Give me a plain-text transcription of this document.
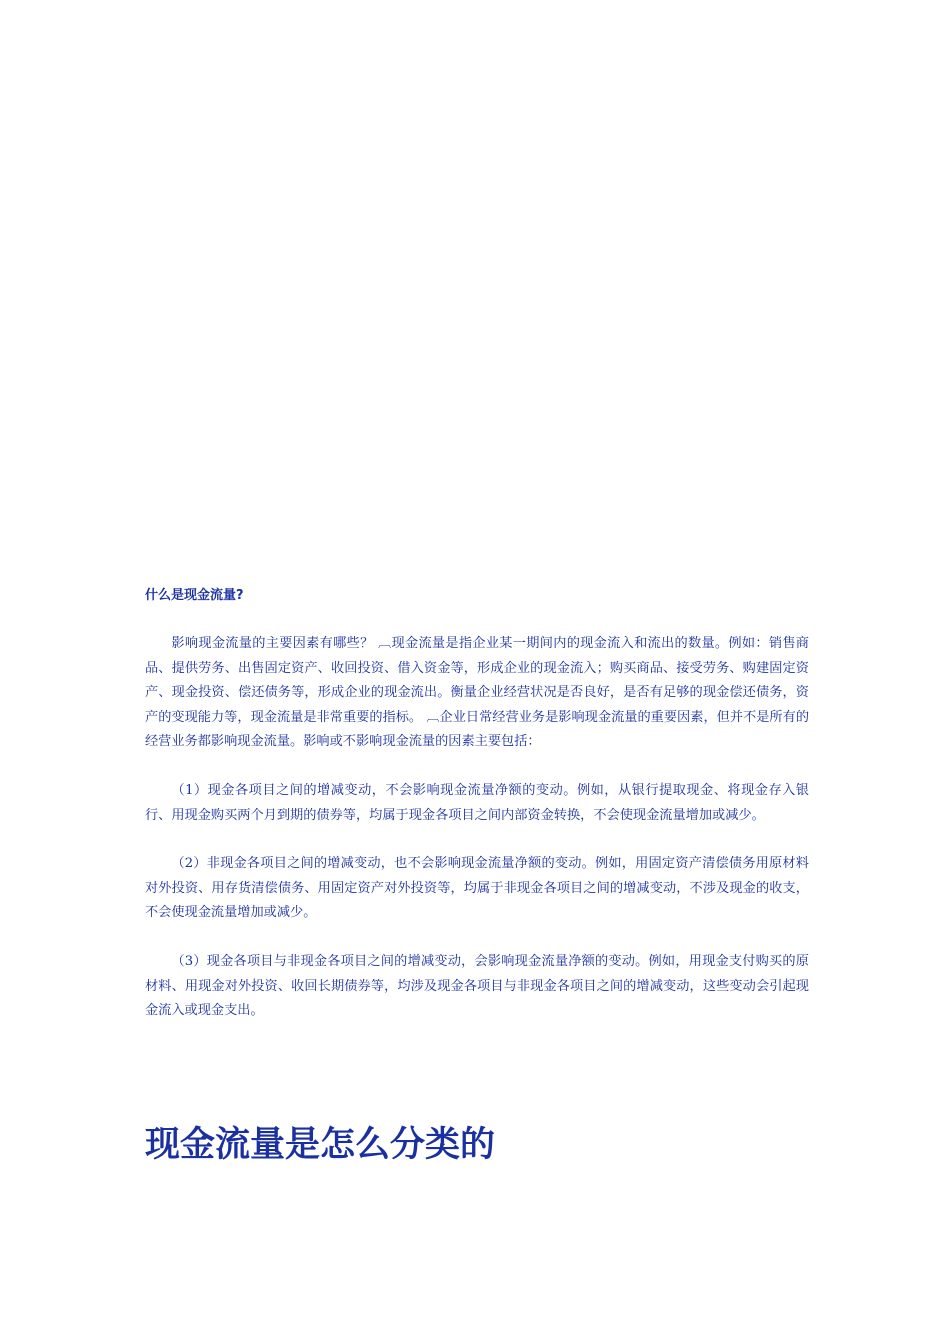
什么是现金流量?

影响现金流量的主要因素有哪些？ ︹现金流量是指企业某一期间内的现金流入和流出的数量。例如：销售商品、提供劳务、出售固定资产、收回投资、借入资金等，形成企业的现金流入；购买商品、接受劳务、购建固定资产、现金投资、偿还债务等，形成企业的现金流出。衡量企业经营状况是否良好，是否有足够的现金偿还债务，资产的变现能力等，现金流量是非常重要的指标。 ︹企业日常经营业务是影响现金流量的重要因素，但并不是所有的经营业务都影响现金流量。影响或不影响现金流量的因素主要包括：

（1）现金各项目之间的增减变动，不会影响现金流量净额的变动。例如，从银行提取现金、将现金存入银行、用现金购买两个月到期的债券等，均属于现金各项目之间内部资金转换，不会使现金流量增加或减少。

（2）非现金各项目之间的增减变动，也不会影响现金流量净额的变动。例如，用固定资产清偿债务用原材料对外投资、用存货清偿债务、用固定资产对外投资等，均属于非现金各项目之间的增减变动，不涉及现金的收支，不会使现金流量增加或减少。

（3）现金各项目与非现金各项目之间的增减变动，会影响现金流量净额的变动。例如，用现金支付购买的原材料、用现金对外投资、收回长期债券等，均涉及现金各项目与非现金各项目之间的增减变动，这些变动会引起现金流入或现金支出。

现金流量是怎么分类的
